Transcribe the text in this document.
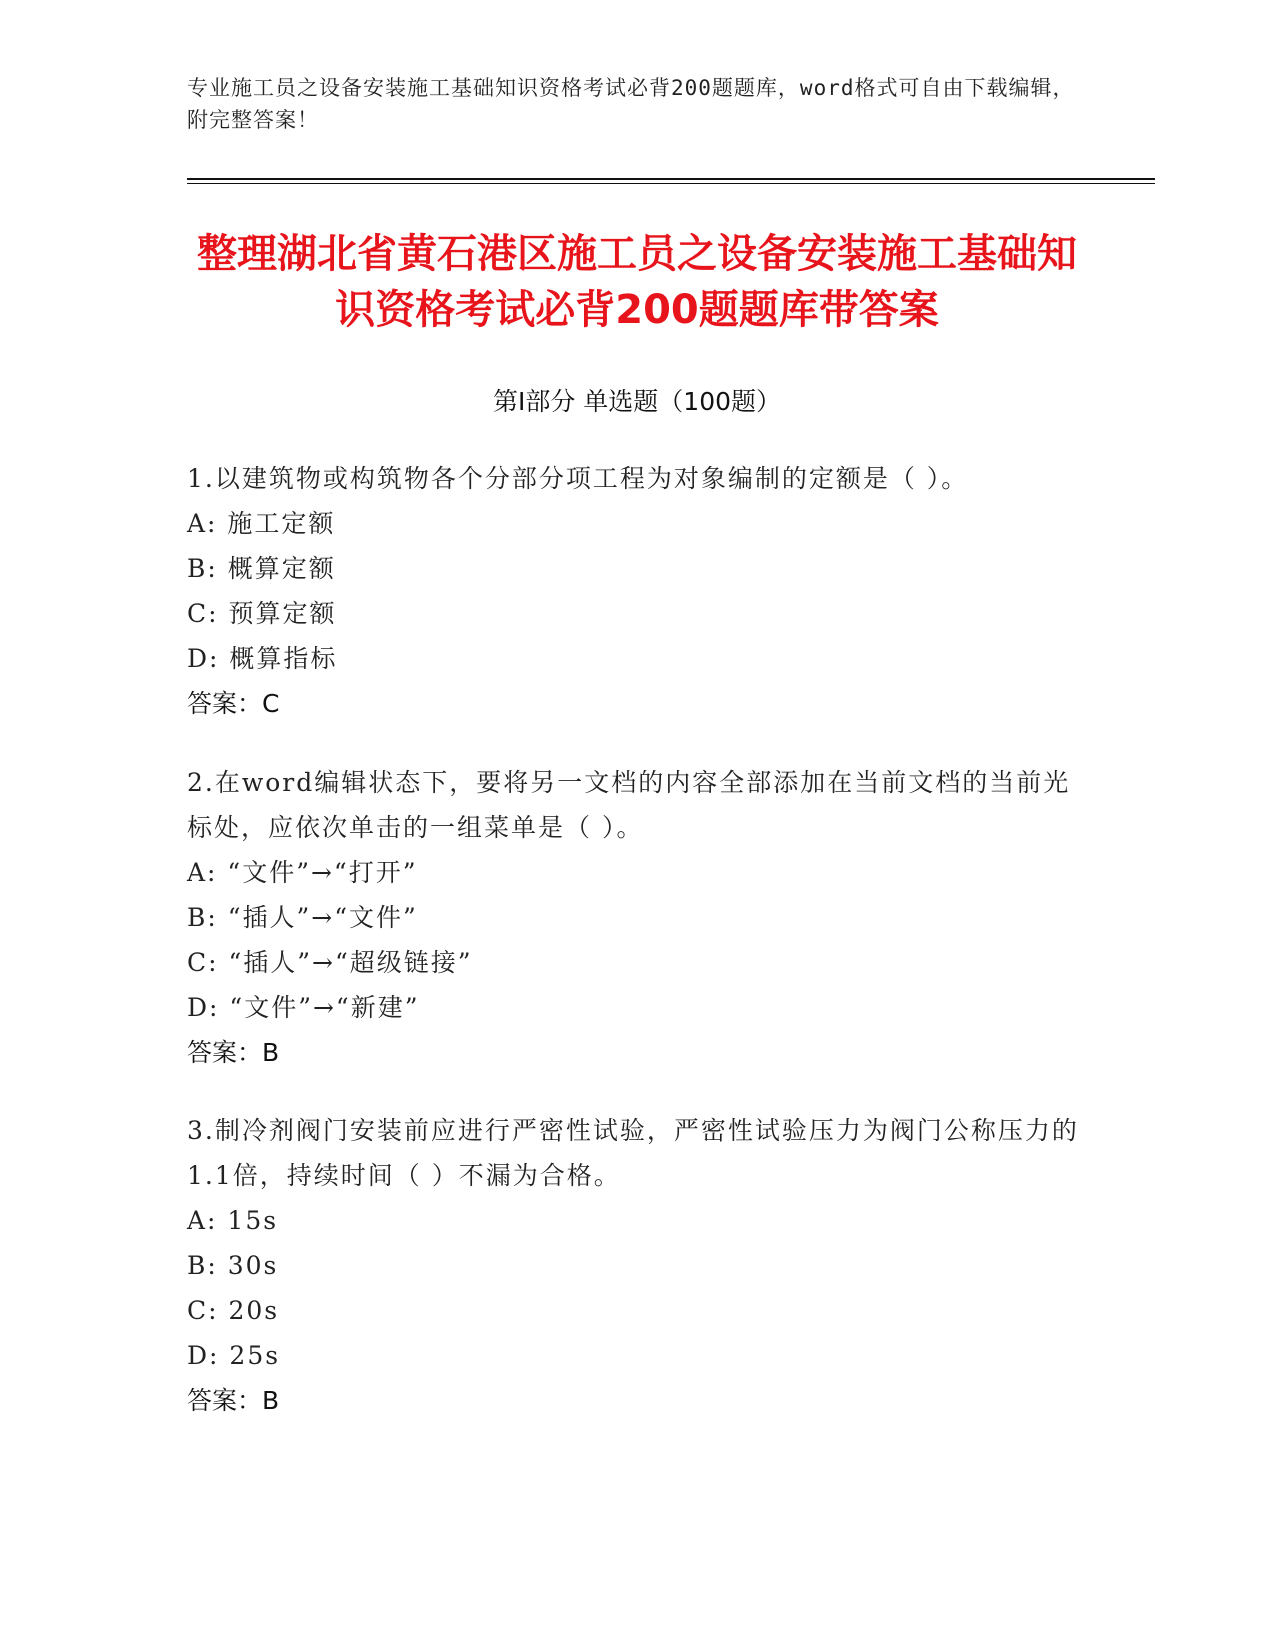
专业施工员之设备安装施工基础知识资格考试必背200题题库，word格式可自由下载编辑，附完整答案！
整理湖北省黄石港区施工员之设备安装施工基础知识资格考试必背200题题库带答案
第Ⅰ部分 单选题（100题）
1.以建筑物或构筑物各个分部分项工程为对象编制的定额是（ ）。
A: 施工定额
B: 概算定额
C: 预算定额
D: 概算指标
答案：C
2.在word编辑状态下，要将另一文档的内容全部添加在当前文档的当前光标处，应依次单击的一组菜单是（ ）。
A: “文件”→“打开”
B: “插人”→“文件”
C: “插人”→“超级链接”
D: “文件”→“新建”
答案：B
3.制冷剂阀门安装前应进行严密性试验，严密性试验压力为阀门公称压力的1.1倍，持续时间（ ）不漏为合格。
A: 15s
B: 30s
C: 20s
D: 25s
答案：B
